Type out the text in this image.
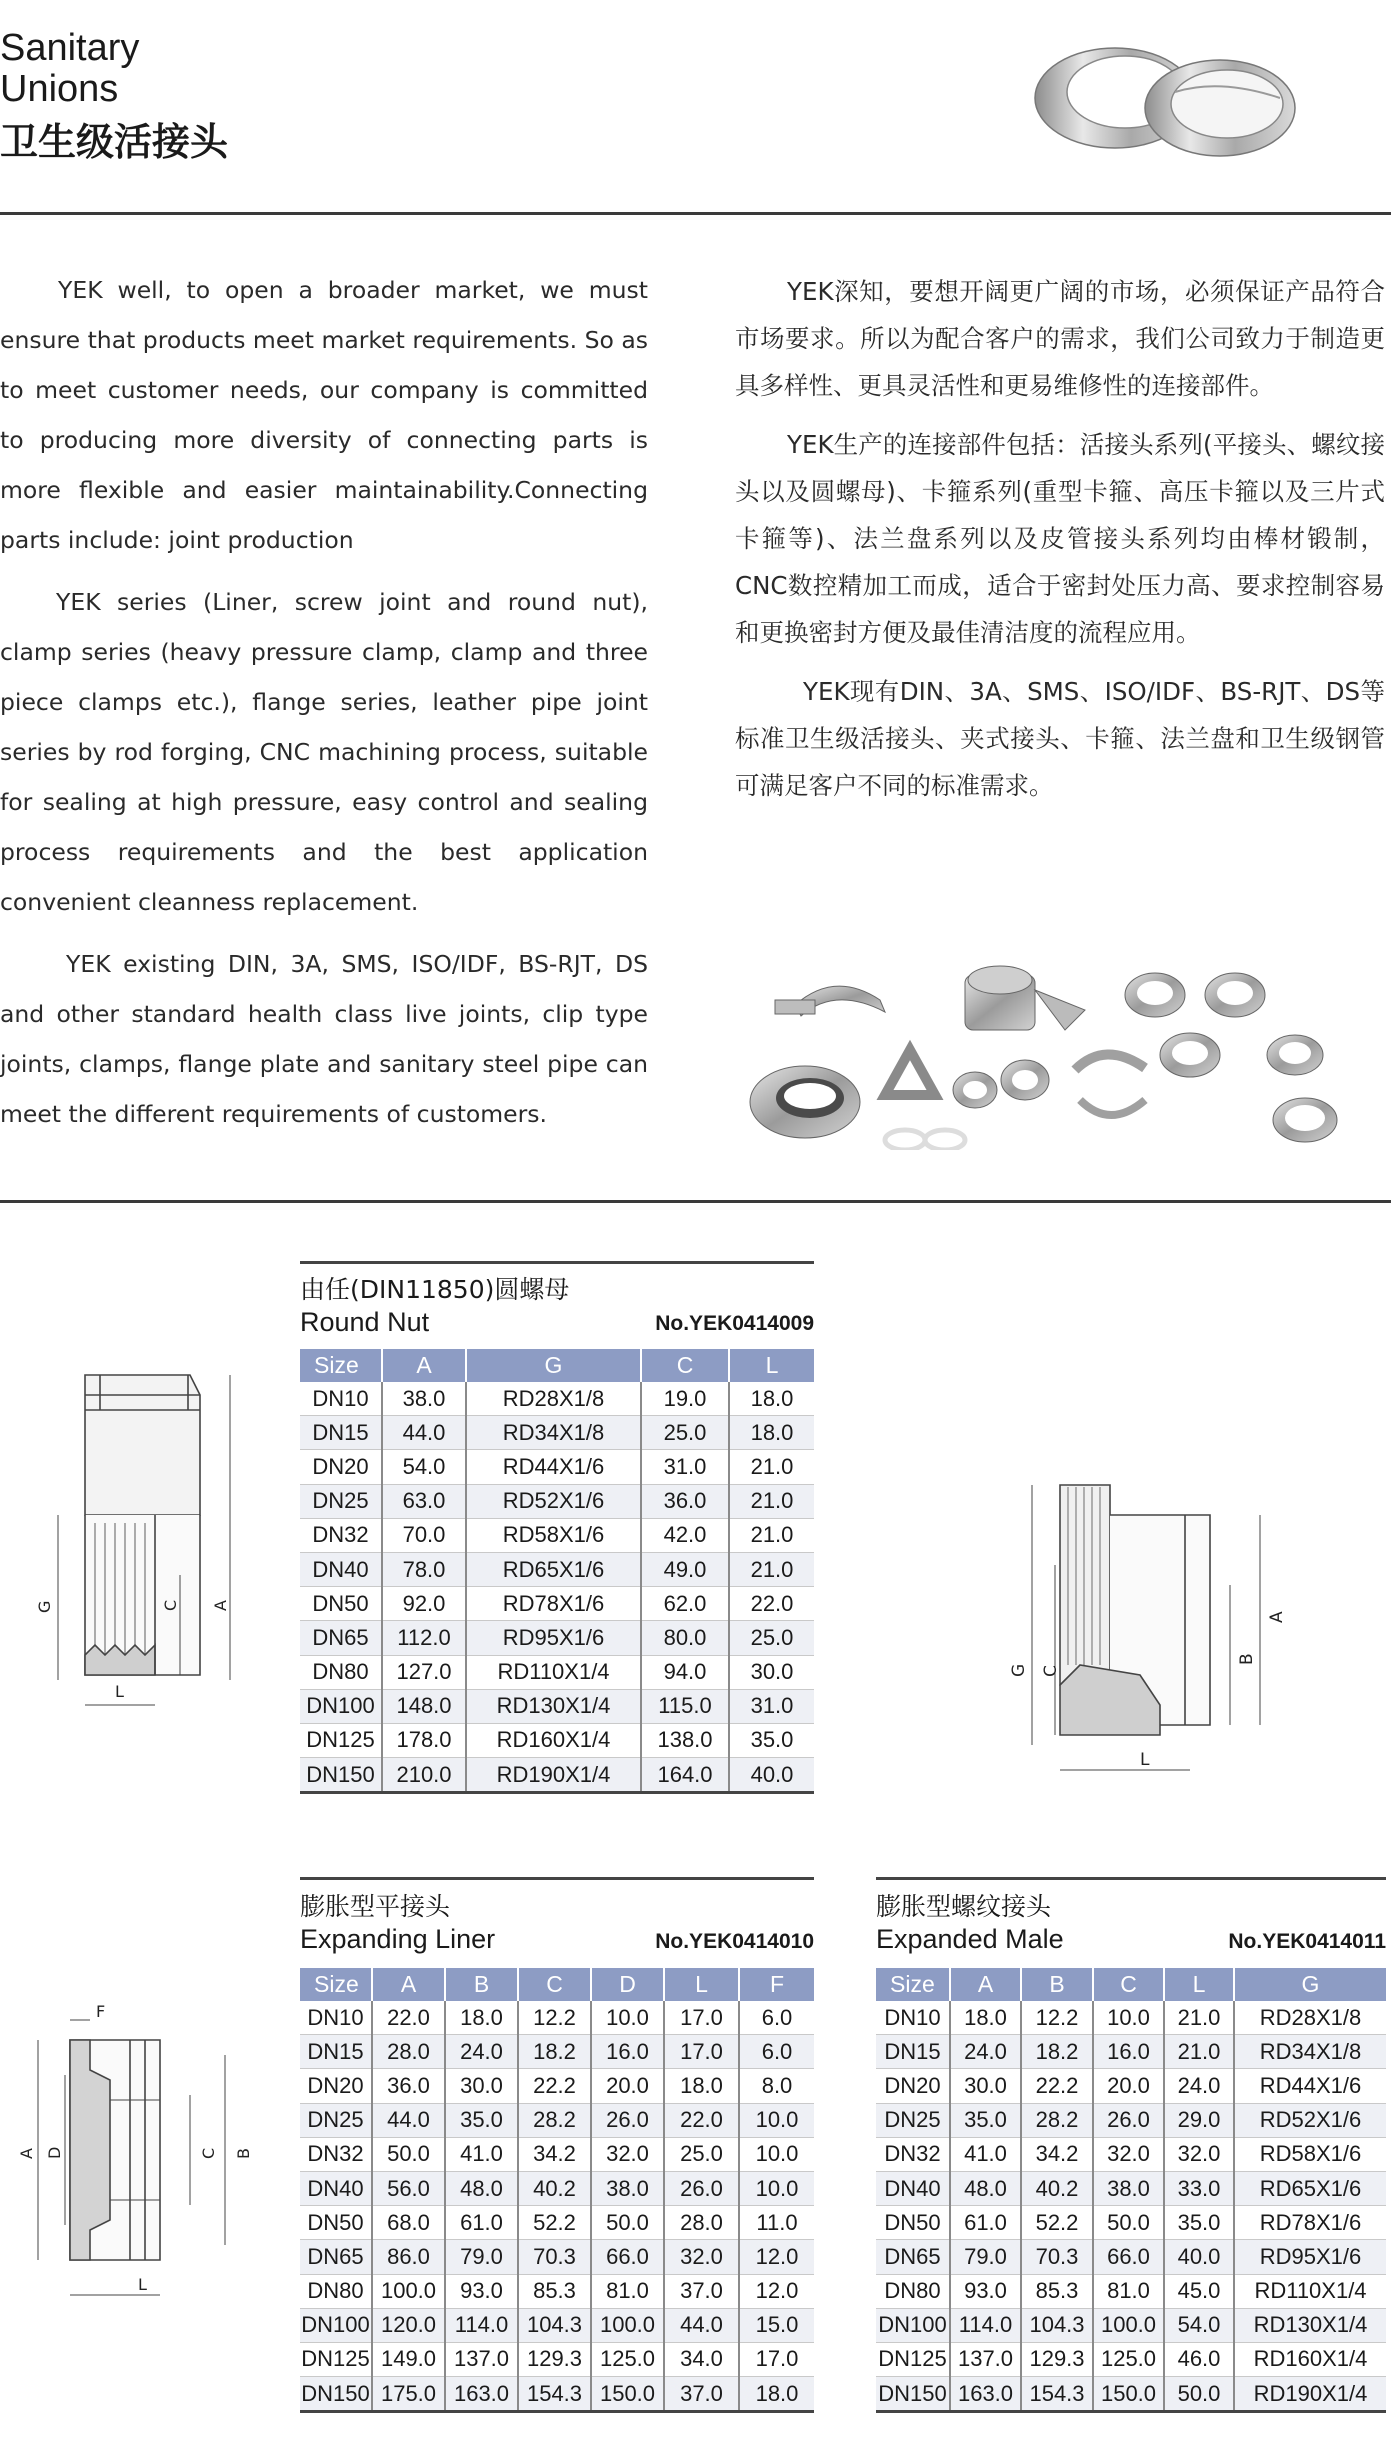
Sanitary
Unions
卫生级活接头

YEK well, to open a broader market, we must ensure that products meet market requirements. So as to meet customer needs, our company is committed to producing more diversity of connecting parts is more flexible and easier maintainability.Connecting parts include: joint production

YEK series (Liner, screw joint and round nut), clamp series (heavy pressure clamp, clamp and three piece clamps etc.), flange series, leather pipe joint series by rod forging, CNC machining process, suitable for sealing at high pressure, easy control and sealing process requirements and the best application convenient cleanness replacement.

YEK existing DIN, 3A, SMS, ISO/IDF, BS-RJT, DS and other standard health class live joints, clip type joints, clamps, flange plate and sanitary steel pipe can meet the different requirements of customers.

YEK深知，要想开阔更广阔的市场，必须保证产品符合市场要求。所以为配合客户的需求，我们公司致力于制造更具多样性、更具灵活性和更易维修性的连接部件。

YEK生产的连接部件包括：活接头系列(平接头、螺纹接头以及圆螺母)、卡箍系列(重型卡箍、高压卡箍以及三片式卡箍等)、法兰盘系列以及皮管接头系列均由棒材锻制，CNC数控精加工而成，适合于密封处压力高、要求控制容易和更换密封方便及最佳清洁度的流程应用。

YEK现有DIN、3A、SMS、ISO/IDF、BS-RJT、DS等标准卫生级活接头、夹式接头、卡箍、法兰盘和卫生级钢管可满足客户不同的标准需求。

由任(DIN11850)圆螺母
Round Nut	No.YEK0414009
Size	A	G	C	L
DN10	38.0	RD28X1/8	19.0	18.0
DN15	44.0	RD34X1/8	25.0	18.0
DN20	54.0	RD44X1/6	31.0	21.0
DN25	63.0	RD52X1/6	36.0	21.0
DN32	70.0	RD58X1/6	42.0	21.0
DN40	78.0	RD65X1/6	49.0	21.0
DN50	92.0	RD78X1/6	62.0	22.0
DN65	112.0	RD95X1/6	80.0	25.0
DN80	127.0	RD110X1/4	94.0	30.0
DN100	148.0	RD130X1/4	115.0	31.0
DN125	178.0	RD160X1/4	138.0	35.0
DN150	210.0	RD190X1/4	164.0	40.0
G	C A
L
G C
B
A
L
F
A D	C B
L
膨胀型平接头
Expanding Liner	No.YEK0414010
Size	A	B	C	D	L	F
DN10	22.0	18.0	12.2	10.0	17.0	6.0
DN15	28.0	24.0	18.2	16.0	17.0	6.0
DN20	36.0	30.0	22.2	20.0	18.0	8.0
DN25	44.0	35.0	28.2	26.0	22.0	10.0
DN32	50.0	41.0	34.2	32.0	25.0	10.0
DN40	56.0	48.0	40.2	38.0	26.0	10.0
DN50	68.0	61.0	52.2	50.0	28.0	11.0
DN65	86.0	79.0	70.3	66.0	32.0	12.0
DN80	100.0	93.0	85.3	81.0	37.0	12.0
DN100	120.0	114.0	104.3	100.0	44.0	15.0
DN125	149.0	137.0	129.3	125.0	34.0	17.0
DN150	175.0	163.0	154.3	150.0	37.0	18.0
膨胀型螺纹接头
Expanded Male	No.YEK0414011
Size	A	B	C	L	G
DN10	18.0	12.2	10.0	21.0	RD28X1/8
DN15	24.0	18.2	16.0	21.0	RD34X1/8
DN20	30.0	22.2	20.0	24.0	RD44X1/6
DN25	35.0	28.2	26.0	29.0	RD52X1/6
DN32	41.0	34.2	32.0	32.0	RD58X1/6
DN40	48.0	40.2	38.0	33.0	RD65X1/6
DN50	61.0	52.2	50.0	35.0	RD78X1/6
DN65	79.0	70.3	66.0	40.0	RD95X1/6
DN80	93.0	85.3	81.0	45.0	RD110X1/4
DN100	114.0	104.3	100.0	54.0	RD130X1/4
DN125	137.0	129.3	125.0	46.0	RD160X1/4
DN150	163.0	154.3	150.0	50.0	RD190X1/4
